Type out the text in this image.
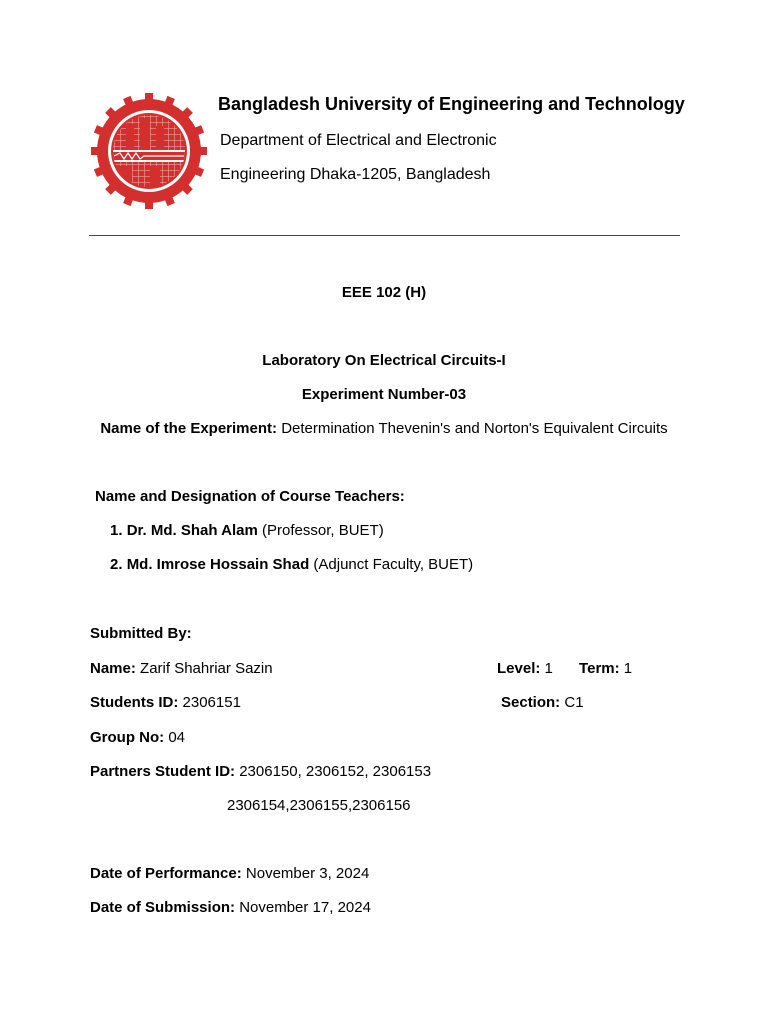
Bangladesh University of Engineering and Technology
Department of Electrical and Electronic
Engineering Dhaka-1205, Bangladesh
EEE 102 (H)
Laboratory On Electrical Circuits-I
Experiment Number-03
Name of the Experiment: Determination Thevenin's and Norton's Equivalent Circuits
Name and Designation of Course Teachers:
1. Dr. Md. Shah Alam (Professor, BUET)
2. Md. Imrose Hossain Shad (Adjunct Faculty, BUET)
Submitted By:
Name: Zarif Shahriar Sazin	Level: 1 Term: 1
Students ID: 2306151	Section: C1
Group No: 04
Partners Student ID: 2306150, 2306152, 2306153
2306154,2306155,2306156
Date of Performance: November 3, 2024
Date of Submission: November 17, 2024
